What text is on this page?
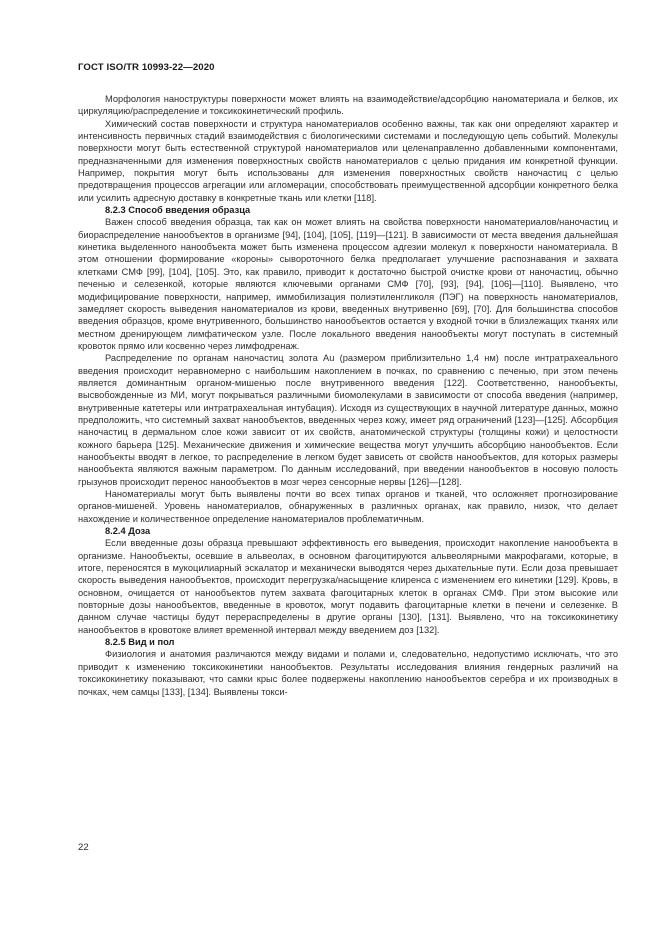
ГОСТ ISO/TR 10993-22—2020

Морфология наноструктуры поверхности может влиять на взаимодействие/адсорбцию наноматериала и белков, их циркуляцию/распределение и токсикокинетический профиль.

Химический состав поверхности и структура наноматериалов особенно важны, так как они определяют характер и интенсивность первичных стадий взаимодействия с биологическими системами и последующую цепь событий. Молекулы поверхности могут быть естественной структурой наноматериалов или целенаправленно добавленными компонентами, предназначенными для изменения поверхностных свойств наноматериалов с целью придания им конкретной функции. Например, покрытия могут быть использованы для изменения поверхностных свойств наночастиц с целью предотвращения процессов агрегации или агломерации, способствовать преимущественной адсорбции конкретного белка или усилить адресную доставку в конкретные ткань или клетки [118].

8.2.3 Способ введения образца

Важен способ введения образца, так как он может влиять на свойства поверхности наноматериалов/наночастиц и биораспределение нанообъектов в организме [94], [104], [105], [119]—[121]. В зависимости от места введения дальнейшая кинетика выделенного нанообъекта может быть изменена процессом адгезии молекул к поверхности наноматериала. В этом отношении формирование «короны» сывороточного белка предполагает улучшение распознавания и захвата клетками СМФ [99], [104], [105]. Это, как правило, приводит к достаточно быстрой очистке крови от наночастиц, обычно печенью и селезенкой, которые являются ключевыми органами СМФ [70], [93], [94], [106]—[110]. Выявлено, что модифицирование поверхности, например, иммобилизация полиэтиленгликоля (ПЭГ) на поверхность наноматериалов, замедляет скорость выведения наноматериалов из крови, введенных внутривенно [69], [70]. Для большинства способов введения образцов, кроме внутривенного, большинство нанообъектов остается у входной точки в близлежащих тканях или местном дренирующем лимфатическом узле. После локального введения нанообъекты могут поступать в системный кровоток прямо или косвенно через лимфодренаж.

Распределение по органам наночастиц золота Au (размером приблизительно 1,4 нм) после интратрахеального введения происходит неравномерно с наибольшим накоплением в почках, по сравнению с печенью, при этом печень является доминантным органом-мишенью после внутривенного введения [122]. Соответственно, нанообъекты, высвобожденные из МИ, могут покрываться различными биомолекулами в зависимости от способа введения (например, внутривенные катетеры или интратрахеальная интубация). Исходя из существующих в научной литературе данных, можно предположить, что системный захват нанообъектов, введенных через кожу, имеет ряд ограничений [123]—[125]. Абсорбция наночастиц в дермальном слое кожи зависит от их свойств, анатомической структуры (толщины кожи) и целостности кожного барьера [125]. Механические движения и химические вещества могут улучшить абсорбцию нанообъектов. Если нанообъекты вводят в легкое, то распределение в легком будет зависеть от свойств нанообъектов, для которых размеры нанообъекта являются важным параметром. По данным исследований, при введении нанообъектов в носовую полость грызунов происходит перенос нанообъектов в мозг через сенсорные нервы [126]—[128].

Наноматериалы могут быть выявлены почти во всех типах органов и тканей, что осложняет прогнозирование органов-мишеней. Уровень наноматериалов, обнаруженных в различных органах, как правило, низок, что делает нахождение и количественное определение наноматериалов проблематичным.

8.2.4 Доза

Если введенные дозы образца превышают эффективность его выведения, происходит накопление нанообъекта в организме. Нанообъекты, осевшие в альвеолах, в основном фагоцитируются альвеолярными макрофагами, которые, в итоге, переносятся в мукоцилиарный эскалатор и механически выводятся через дыхательные пути. Если доза превышает скорость выведения нанообъектов, происходит перегрузка/насыщение клиренса с изменением его кинетики [129]. Кровь, в основном, очищается от нанообъектов путем захвата фагоцитарных клеток в органах СМФ. При этом высокие или повторные дозы нанообъектов, введенные в кровоток, могут подавить фагоцитарные клетки в печени и селезенке. В данном случае частицы будут перераспределены в другие органы [130], [131]. Выявлено, что на токсикокинетику нанообъектов в кровотоке влияет временной интервал между введением доз [132].

8.2.5 Вид и пол

Физиология и анатомия различаются между видами и полами и, следовательно, недопустимо исключать, что это приводит к изменению токсикокинетики нанообъектов. Результаты исследования влияния гендерных различий на токсикокинетику показывают, что самки крыс более подвержены накоплению нанообъектов серебра и их производных в почках, чем самцы [133], [134]. Выявлены токси-

22
